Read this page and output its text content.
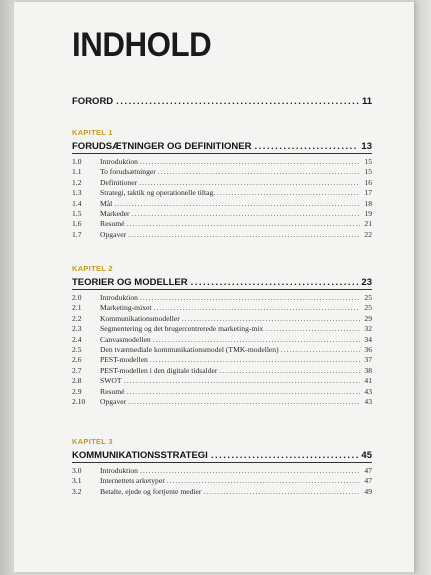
INDHOLD
FORORD .....	11
KAPITEL 1
FORUDSÆTNINGER OG DEFINITIONER .....	13
1.0	Introduktion .....	15
1.1	To forudsætninger .....	15
1.2	Definitioner .....	16
1.3	Strategi, taktik og operationelle tiltag. .....	17
1.4	Mål .....	18
1.5	Markeder .....	19
1.6	Resumé .....	21
1.7	Opgaver .....	22
KAPITEL 2
TEORIER OG MODELLER .....	23
2.0	Introduktion .....	25
2.1	Marketing-mixet .....	25
2.2	Kommunikationsmodeller .....	29
2.3	Segmentering og det brugercentrerede marketing-mix .....	32
2.4	Canvasmodellen .....	34
2.5	Den tværmediale kommunikationsmodel (TMK-modellen) .....	36
2.6	PEST-modellen .....	37
2.7	PEST-modellen i den digitale tidsalder .....	38
2.8	SWOT .....	41
2.9	Resumé .....	43
2.10	Opgaver .....	43
KAPITEL 3
KOMMUNIKATIONSSTRATEGI .....	45
3.0	Introduktion .....	47
3.1	Internettets arketyper .....	47
3.2	Betalte, ejede og fortjente medier .....	49
